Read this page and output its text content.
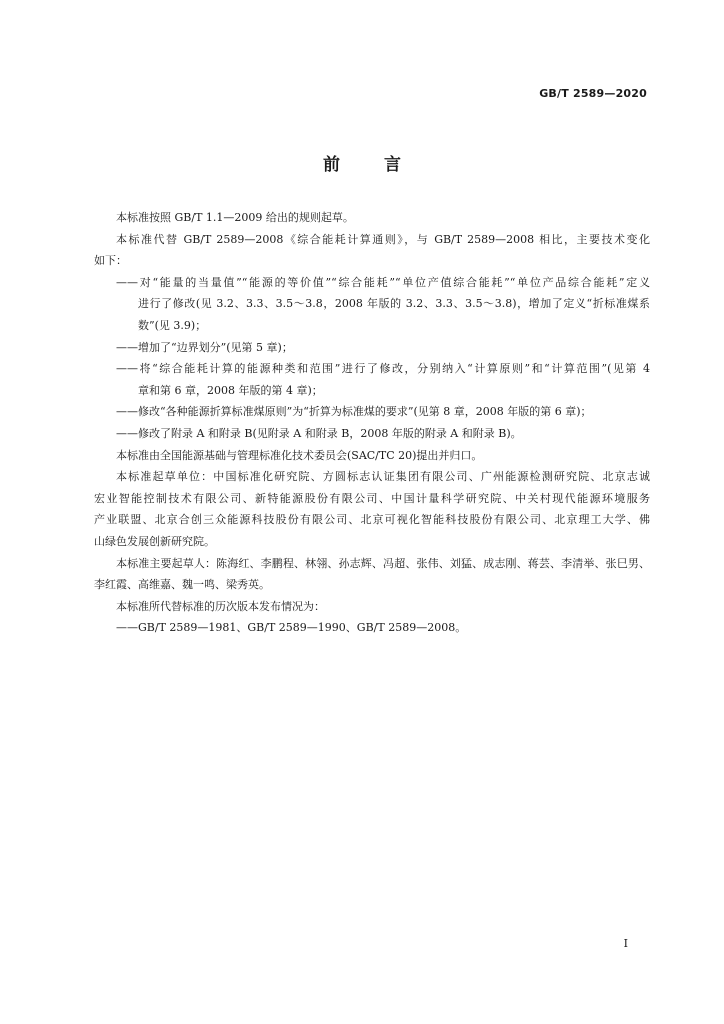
GB/T 2589—2020
前言
本标准按照 GB/T 1.1—2009 给出的规则起草。
本标准代替 GB/T 2589—2008《综合能耗计算通则》，与 GB/T 2589—2008 相比，主要技术变化
如下：
——对“能量的当量值”“能源的等价值”“综合能耗”“单位产值综合能耗”“单位产品综合能耗”定义
进行了修改(见 3.2、3.3、3.5～3.8，2008 年版的 3.2、3.3、3.5～3.8)，增加了定义“折标准煤系
数”(见 3.9)；
——增加了“边界划分”(见第 5 章)；
——将“综合能耗计算的能源种类和范围”进行了修改，分别纳入“计算原则”和“计算范围”(见第 4
章和第 6 章，2008 年版的第 4 章)；
——修改“各种能源折算标准煤原则”为“折算为标准煤的要求”(见第 8 章，2008 年版的第 6 章)；
——修改了附录 A 和附录 B(见附录 A 和附录 B，2008 年版的附录 A 和附录 B)。
本标准由全国能源基础与管理标准化技术委员会(SAC/TC 20)提出并归口。
本标准起草单位：中国标准化研究院、方圆标志认证集团有限公司、广州能源检测研究院、北京志诚
宏业智能控制技术有限公司、新特能源股份有限公司、中国计量科学研究院、中关村现代能源环境服务
产业联盟、北京合创三众能源科技股份有限公司、北京可视化智能科技股份有限公司、北京理工大学、佛
山绿色发展创新研究院。
本标准主要起草人：陈海红、李鹏程、林翎、孙志辉、冯超、张伟、刘猛、成志刚、蒋芸、李清举、张巳男、
李红霞、高维嘉、魏一鸣、梁秀英。
本标准所代替标准的历次版本发布情况为：
——GB/T 2589—1981、GB/T 2589—1990、GB/T 2589—2008。
I
